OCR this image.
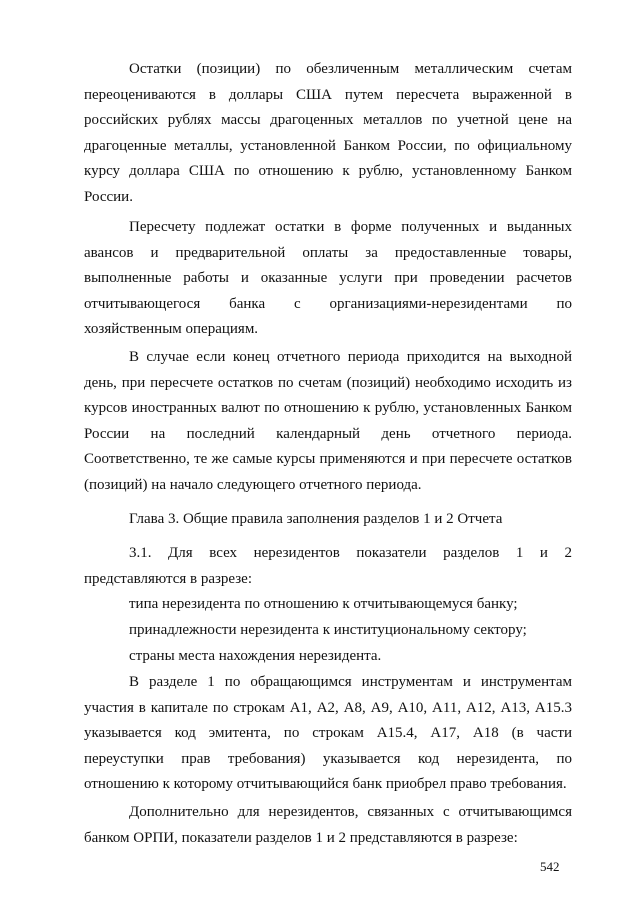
Остатки (позиции) по обезличенным металлическим счетам

переоцениваются в доллары США путем пересчета выраженной в

российских рублях массы драгоценных металлов по учетной цене на

драгоценные металлы, установленной Банком России, по официальному

курсу доллара США по отношению к рублю, установленному Банком

России.

Пересчету подлежат остатки в форме полученных и выданных

авансов и предварительной оплаты за предоставленные товары,

выполненные работы и оказанные услуги при проведении расчетов

отчитывающегося банка с организациями-нерезидентами по

хозяйственным операциям.

В случае если конец отчетного периода приходится на выходной

день, при пересчете остатков по счетам (позиций) необходимо исходить из

курсов иностранных валют по отношению к рублю, установленных Банком

России на последний календарный день отчетного периода.

Соответственно, те же самые курсы применяются и при пересчете остатков

(позиций) на начало следующего отчетного периода.

Глава 3. Общие правила заполнения разделов 1 и 2 Отчета

3.1. Для всех нерезидентов показатели разделов 1 и 2

представляются в разрезе:

типа нерезидента по отношению к отчитывающемуся банку;

принадлежности нерезидента к институциональному сектору;

страны места нахождения нерезидента.

В разделе 1 по обращающимся инструментам и инструментам

участия в капитале по строкам А1, А2, А8, А9, А10, А11, А12, А13, А15.3

указывается код эмитента, по строкам А15.4, А17, А18 (в части

переуступки прав требования) указывается код нерезидента, по

отношению к которому отчитывающийся банк приобрел право требования.

Дополнительно для нерезидентов, связанных с отчитывающимся

банком ОРПИ, показатели разделов 1 и 2 представляются в разрезе:

542
